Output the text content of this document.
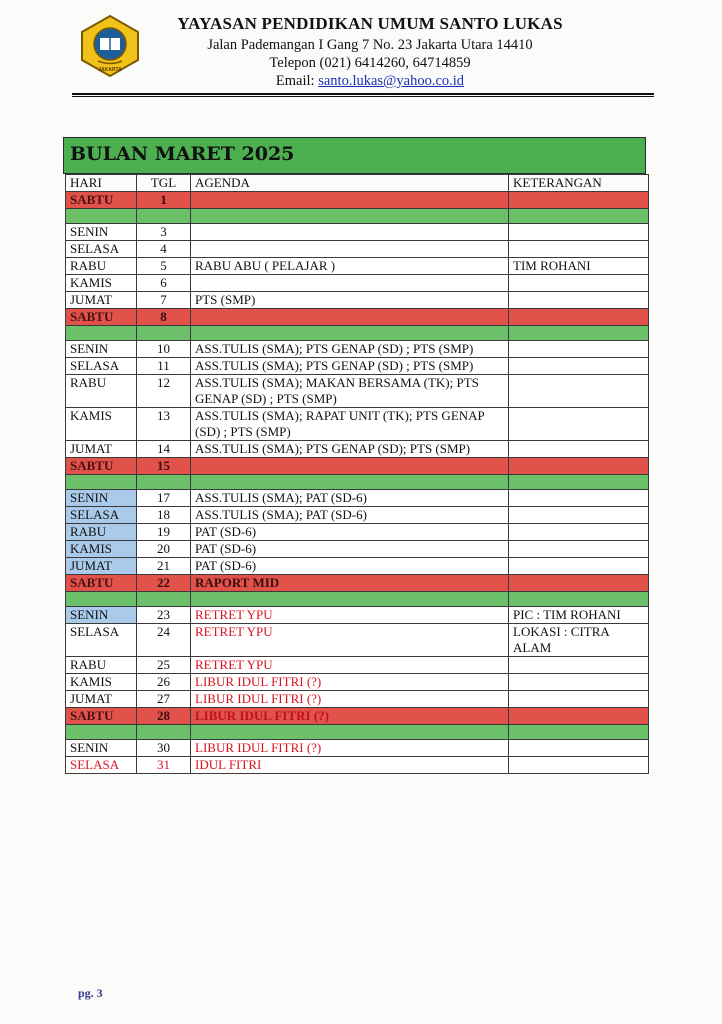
JAKARTA
YAYASAN PENDIDIKAN UMUM SANTO LUKAS
Jalan Pademangan I Gang 7 No. 23 Jakarta Utara 14410
Telepon (021) 6414260, 64714859
Email: santo.lukas@yahoo.co.id
BULAN MARET 2025
HARI	TGL	AGENDA	KETERANGAN
SABTU	1		

SENIN	3		
SELASA	4		
RABU	5	RABU ABU ( PELAJAR )	TIM ROHANI
KAMIS	6		
JUMAT	7	PTS (SMP)	
SABTU	8		

SENIN	10	ASS.TULIS (SMA); PTS GENAP (SD) ; PTS (SMP)	
SELASA	11	ASS.TULIS (SMA); PTS GENAP (SD) ; PTS (SMP)	
RABU	12	ASS.TULIS (SMA); MAKAN BERSAMA (TK); PTS GENAP (SD) ; PTS (SMP)	
KAMIS	13	ASS.TULIS (SMA); RAPAT UNIT (TK); PTS GENAP (SD) ; PTS (SMP)	
JUMAT	14	ASS.TULIS (SMA); PTS GENAP (SD); PTS (SMP)	
SABTU	15		

SENIN	17	ASS.TULIS (SMA); PAT (SD-6)	
SELASA	18	ASS.TULIS (SMA); PAT (SD-6)	
RABU	19	PAT (SD-6)	
KAMIS	20	PAT (SD-6)	
JUMAT	21	PAT (SD-6)	
SABTU	22	RAPORT MID	

SENIN	23	RETRET YPU	PIC : TIM ROHANI
SELASA	24	RETRET YPU	LOKASI : CITRA ALAM
RABU	25	RETRET YPU	
KAMIS	26	LIBUR IDUL FITRI (?)	
JUMAT	27	LIBUR IDUL FITRI (?)	
SABTU	28	LIBUR IDUL FITRI (?)	

SENIN	30	LIBUR IDUL FITRI (?)	
SELASA	31	IDUL FITRI	
pg. 3
